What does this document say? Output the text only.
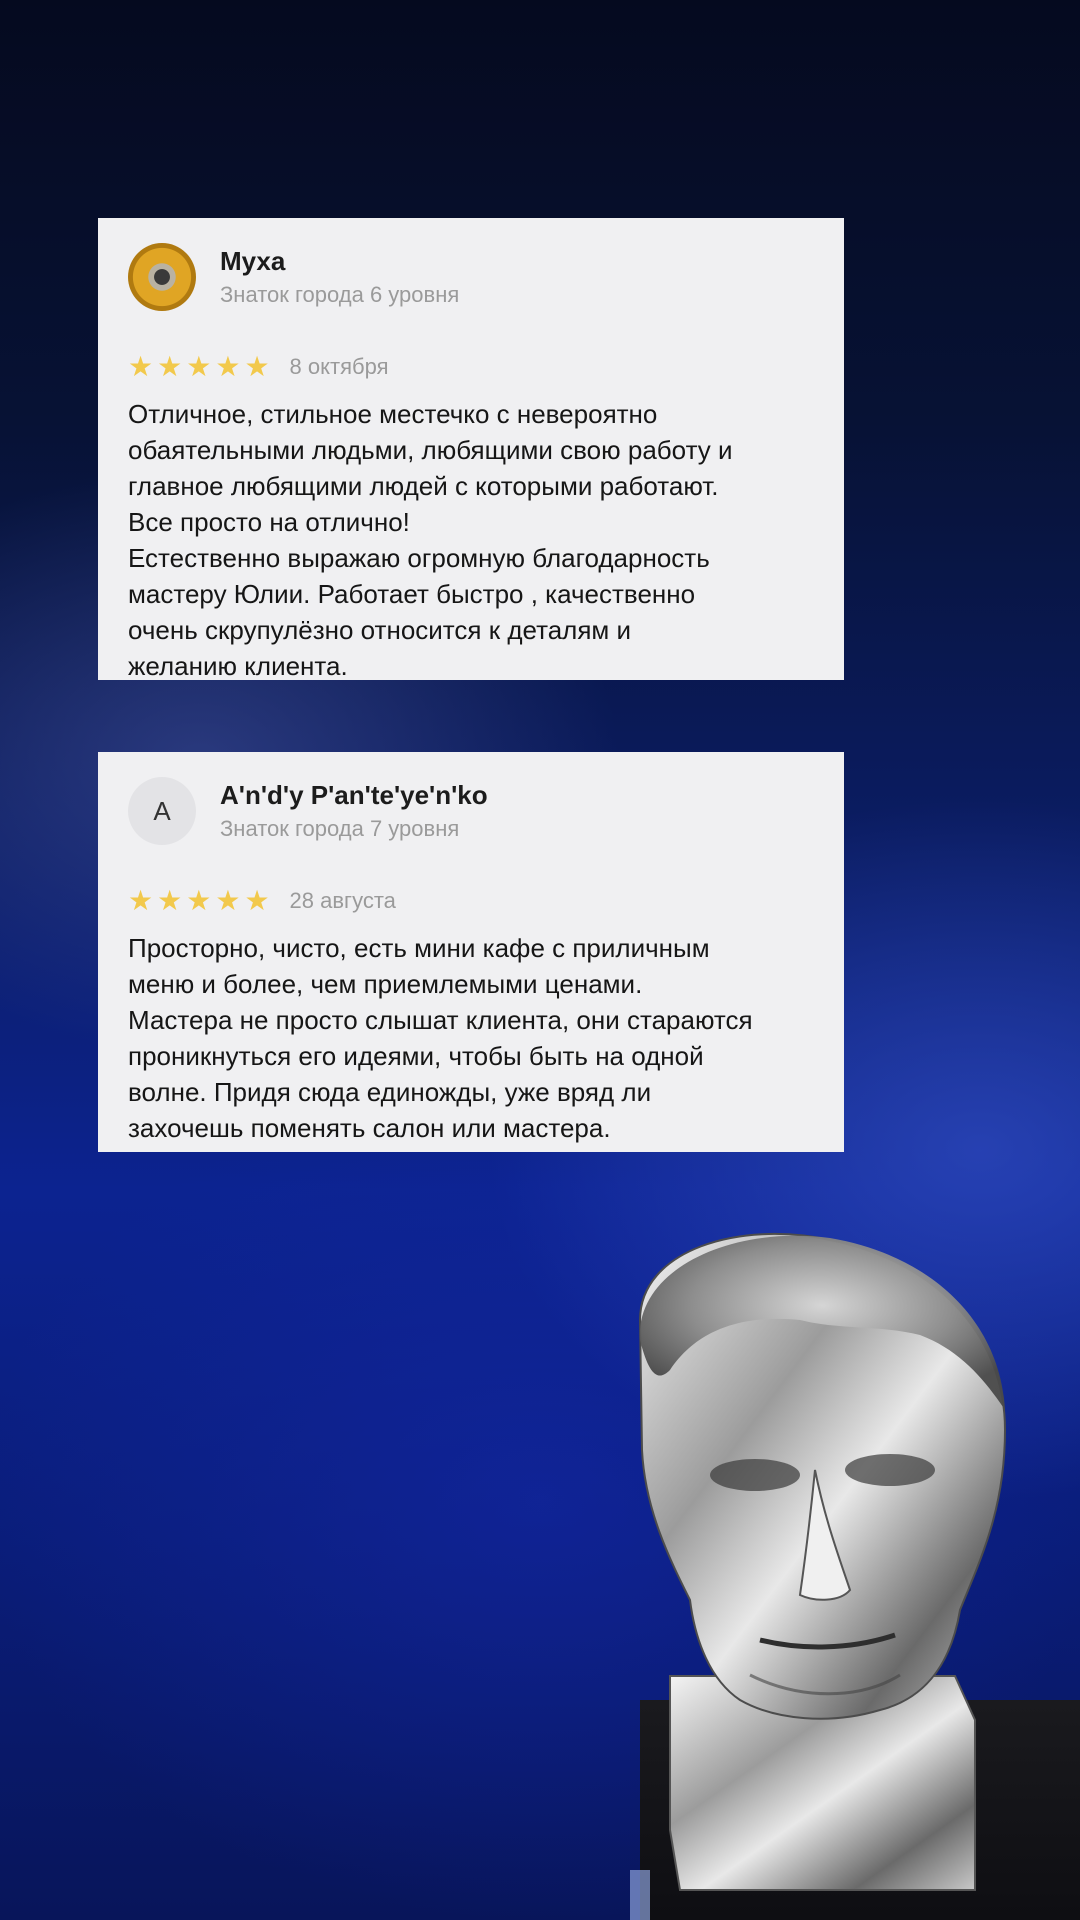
Муха
Знаток города 6 уровня
★ ★ ★ ★ ★ 8 октября
Отличное, стильное местечко с невероятно
обаятельными людьми, любящими свою работу и
главное любящими людей с которыми работают.
Все просто на отлично!
Естественно выражаю огромную благодарность
мастеру Юлии. Работает быстро , качественно
очень скрупулёзно относится к деталям и
желанию клиента.
A
A'n'd'y P'an'te'ye'n'ko
Знаток города 7 уровня
★ ★ ★ ★ ★ 28 августа
Просторно, чисто, есть мини кафе с приличным
меню и более, чем приемлемыми ценами.
Мастера не просто слышат клиента, они стараются
проникнуться его идеями, чтобы быть на одной
волне. Придя сюда единожды, уже вряд ли
захочешь поменять салон или мастера.
